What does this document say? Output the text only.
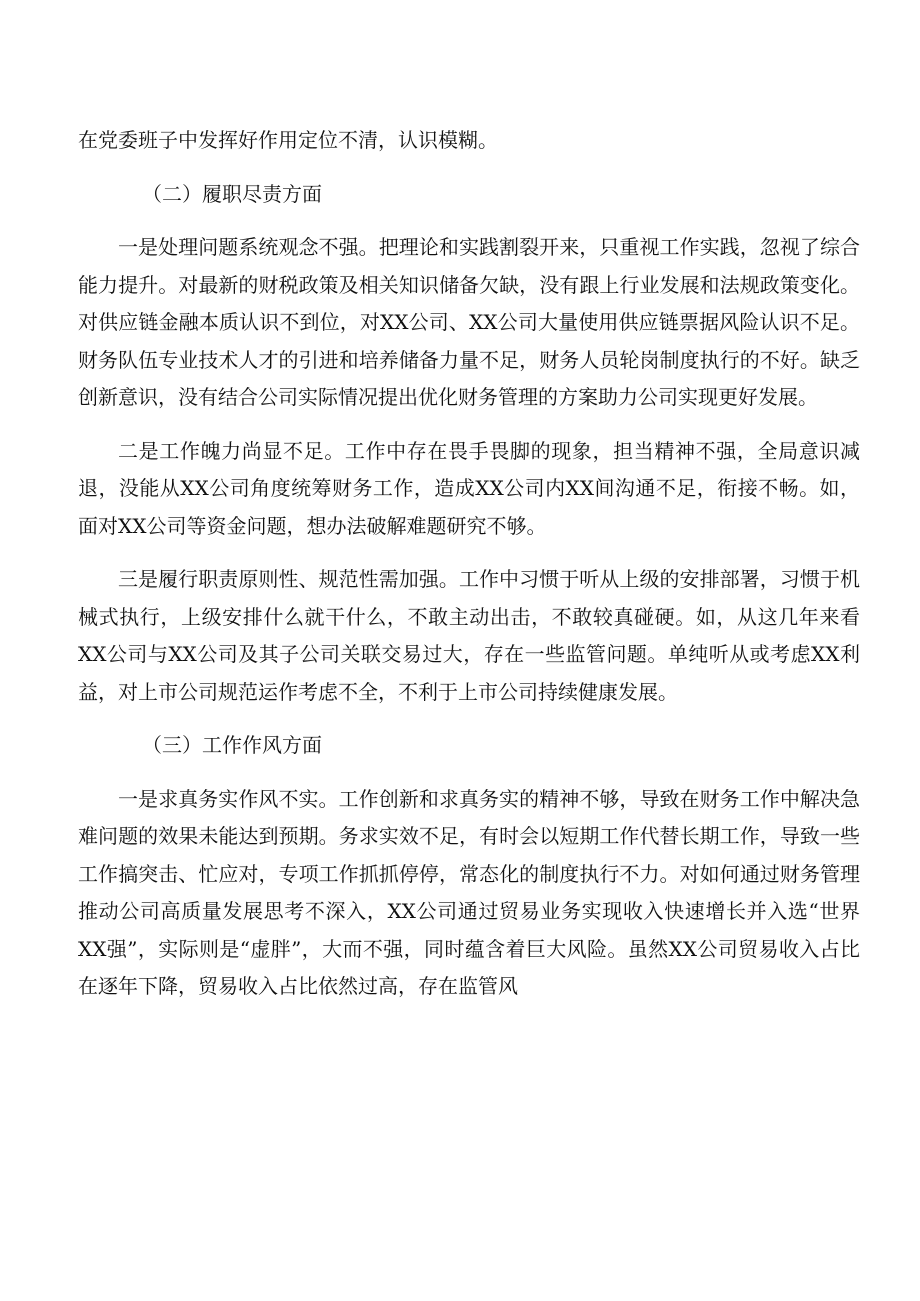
在党委班子中发挥好作用定位不清，认识模糊。

（二）履职尽责方面

一是处理问题系统观念不强。把理论和实践割裂开来，只重视工作实践，忽视了综合能力提升。对最新的财税政策及相关知识储备欠缺，没有跟上行业发展和法规政策变化。对供应链金融本质认识不到位，对XX公司、XX公司大量使用供应链票据风险认识不足。财务队伍专业技术人才的引进和培养储备力量不足，财务人员轮岗制度执行的不好。缺乏创新意识，没有结合公司实际情况提出优化财务管理的方案助力公司实现更好发展。

二是工作魄力尚显不足。工作中存在畏手畏脚的现象，担当精神不强，全局意识减退，没能从XX公司角度统筹财务工作，造成XX公司内XX间沟通不足，衔接不畅。如，面对XX公司等资金问题，想办法破解难题研究不够。

三是履行职责原则性、规范性需加强。工作中习惯于听从上级的安排部署，习惯于机械式执行，上级安排什么就干什么，不敢主动出击，不敢较真碰硬。如，从这几年来看XX公司与XX公司及其子公司关联交易过大，存在一些监管问题。单纯听从或考虑XX利益，对上市公司规范运作考虑不全，不利于上市公司持续健康发展。

（三）工作作风方面

一是求真务实作风不实。工作创新和求真务实的精神不够，导致在财务工作中解决急难问题的效果未能达到预期。务求实效不足，有时会以短期工作代替长期工作，导致一些工作搞突击、忙应对，专项工作抓抓停停，常态化的制度执行不力。对如何通过财务管理推动公司高质量发展思考不深入，XX公司通过贸易业务实现收入快速增长并入选“世界XX强”，实际则是“虚胖”，大而不强，同时蕴含着巨大风险。虽然XX公司贸易收入占比在逐年下降，贸易收入占比依然过高，存在监管风
